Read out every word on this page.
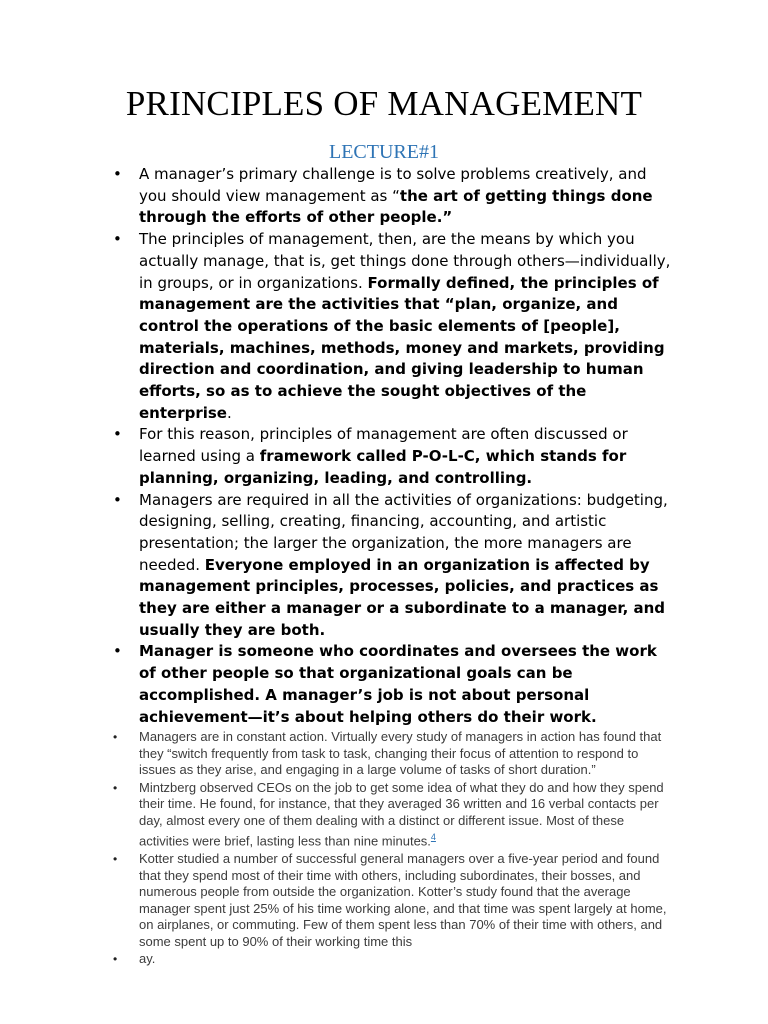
PRINCIPLES OF MANAGEMENT
LECTURE#1
• A manager’s primary challenge is to solve problems creatively, and you should view management as “the art of getting things done through the efforts of other people.”
• The principles of management, then, are the means by which you actually manage, that is, get things done through others—individually, in groups, or in organizations. Formally defined, the principles of management are the activities that “plan, organize, and control the operations of the basic elements of [people], materials, machines, methods, money and markets, providing direction and coordination, and giving leadership to human efforts, so as to achieve the sought objectives of the enterprise.
• For this reason, principles of management are often discussed or learned using a framework called P-O-L-C, which stands for planning, organizing, leading, and controlling.
• Managers are required in all the activities of organizations: budgeting, designing, selling, creating, financing, accounting, and artistic presentation; the larger the organization, the more managers are needed. Everyone employed in an organization is affected by management principles, processes, policies, and practices as they are either a manager or a subordinate to a manager, and usually they are both.
• Manager is someone who coordinates and oversees the work of other people so that organizational goals can be accomplished. A manager’s job is not about personal achievement—it’s about helping others do their work.
• Managers are in constant action. Virtually every study of managers in action has found that they “switch frequently from task to task, changing their focus of attention to respond to issues as they arise, and engaging in a large volume of tasks of short duration.”
• Mintzberg observed CEOs on the job to get some idea of what they do and how they spend their time. He found, for instance, that they averaged 36 written and 16 verbal contacts per day, almost every one of them dealing with a distinct or different issue. Most of these activities were brief, lasting less than nine minutes.$^4$
• Kotter studied a number of successful general managers over a five-year period and found that they spend most of their time with others, including subordinates, their bosses, and numerous people from outside the organization. Kotter’s study found that the average manager spent just 25% of his time working alone, and that time was spent largely at home, on airplanes, or commuting. Few of them spent less than 70% of their time with others, and some spent up to 90% of their working time this
• ay.
